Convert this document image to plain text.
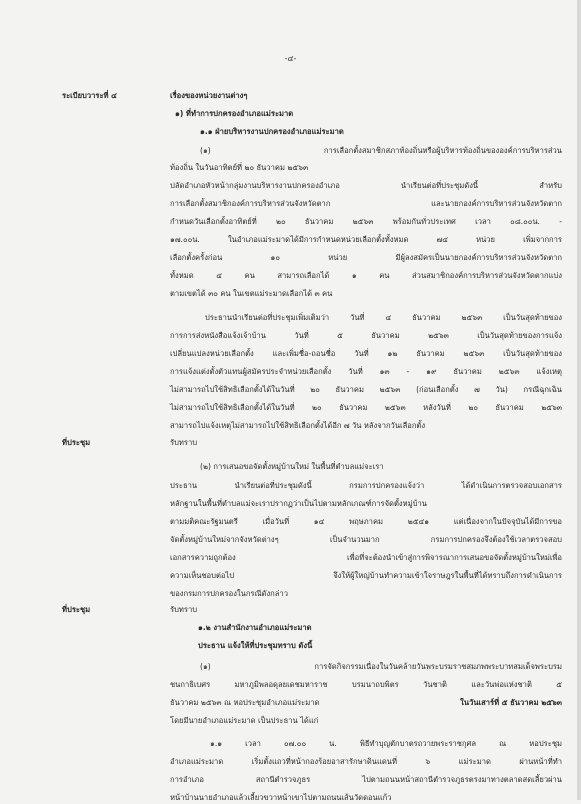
-๔-
ระเบียบวาระที่ ๔	เรื่องของหน่วยงานต่างๆ
๑) ที่ทำการปกครองอำเภอแม่ระมาด
๑.๑ ฝ่ายบริหารงานปกครองอำเภอแม่ระมาด
(๑) การเลือกตั้งสมาชิกสภาท้องถิ่นหรือผู้บริหารท้องถิ่นขององค์การบริหารส่วน
ท้องถิ่น ในวันอาทิตย์ที่ ๒๐ ธันวาคม ๒๕๖๓
ปลัดอำเภอหัวหน้ากลุ่มงานบริหารงานปกครองอำเภอ นำเรียนต่อที่ประชุมดังนี้ สำหรับ
การเลือกตั้งสมาชิกองค์การบริหารส่วนจังหวัดตาก และนายกองค์การบริหารส่วนจังหวัดตาก
กำหนดวันเลือกตั้งอาทิตย์ที่ ๒๐ ธันวาคม ๒๕๖๓ พร้อมกันทั่วประเทศ เวลา ๐๘.๐๐น. -
๑๗.๐๐น. ในอำเภอแม่ระมาดได้มีการกำหนดหน่วยเลือกตั้งทั้งหมด ๗๔ หน่วย เพิ่มจากการ
เลือกตั้งครั้งก่อน ๑๐ หน่วย มีผู้ลงสมัครเป็นนายกองค์การบริหารส่วนจังหวัดตาก
ทั้งหมด ๔ คน สามารถเลือกได้ ๑ คน ส่วนสมาชิกองค์การบริหารส่วนจังหวัดตากแบ่ง
ตามเขตได้ ๓๐ คน ในเขตแม่ระมาดเลือกได้ ๓ คน
ประธานนำเรียนต่อที่ประชุมเพิ่มเติมว่า วันที่ ๔ ธันวาคม ๒๕๖๓ เป็นวันสุดท้ายของ
การการส่งหนังสือแจ้งเจ้าบ้าน วันที่ ๕ ธันวาคม ๒๕๖๓ เป็นวันสุดท้ายของการแจ้ง
เปลี่ยนแปลงหน่วยเลือกตั้ง และเพิ่มชื่อ-ถอนชื่อ วันที่ ๑๒ ธันวาคม ๒๕๖๓ เป็นวันสุดท้ายของ
การแจ้งแต่งตั้งตัวแทนผู้สมัครประจำหน่วยเลือกตั้ง วันที่ ๑๓ - ๑๙ ธันวาคม ๒๕๖๓ แจ้งเหตุ
ไม่สามารถไปใช้สิทธิเลือกตั้งได้ในวันที่ ๒๐ ธันวาคม ๒๕๖๓ (ก่อนเลือกตั้ง ๗ วัน) กรณีฉุกเฉิน
ไม่สามารถไปใช้สิทธิเลือกตั้งได้ในวันที่ ๒๐ ธันวาคม ๒๕๖๓ หลังวันที่ ๒๐ ธันวาคม ๒๕๖๓
สามารถไปแจ้งเหตุไม่สามารถไปใช้สิทธิเลือกตั้งได้อีก ๗ วัน หลังจากวันเลือกตั้ง
ที่ประชุม	รับทราบ
(๒) การเสนอขอจัดตั้งหมู่บ้านใหม่ ในพื้นที่ตำบลแม่จะเรา
ประธาน นำเรียนต่อที่ประชุมดังนี้ กรมการปกครองแจ้งว่า ได้ดำเนินการตรวจสอบเอกสาร
หลักฐานในพื้นที่ตำบลแม่จะเราปรากฏว่าเป็นไปตามหลักเกณฑ์การจัดตั้งหมู่บ้าน
ตามมติคณะรัฐมนตรี เมื่อวันที่ ๑๔ พฤษภาคม ๒๕๔๑ แต่เนื่องจากในปัจจุบันได้มีการขอ
จัดตั้งหมู่บ้านใหม่จากจังหวัดต่างๆ เป็นจำนวนมาก กรมการปกครองจึงต้องใช้เวลาตรวจสอบ
เอกสารความถูกต้อง เพื่อที่จะต้องนำเข้าสู่การพิจารณาการเสนอขอจัดตั้งหมู่บ้านใหม่เพื่อ
ความเห็นชอบต่อไป จึงให้ผู้ใหญ่บ้านทำความเข้าใจราษฎรในพื้นที่ได้ทราบถึงการดำเนินการ
ของกรมการปกครองในกรณีดังกล่าว
ที่ประชุม	รับทราบ
๑.๒ งานสำนักงานอำเภอแม่ระมาด
ประธาน แจ้งให้ที่ประชุมทราบ ดังนี้
(๑) การจัดกิจกรรมเนื่องในวันคล้ายวันพระบรมราชสมภพพระบาทสมเด็จพระบรม
ชนกาธิเบศร มหาภูมิพลอดุลยเดชมหาราช บรมนาถบพิตร วันชาติ และวันพ่อแห่งชาติ ๕
ธันวาคม ๒๕๖๓ ณ หอประชุมอำเภอแม่ระมาด	ในวันเสาร์ที่ ๕ ธันวาคม ๒๕๖๓
โดยมีนายอำเภอแม่ระมาด เป็นประธาน ได้แก่
๑.๑ เวลา ๐๗.๐๐ น. พิธีทำบุญตักบาตรถวายพระราชกุศล ณ หอประชุม
อำเภอแม่ระมาด เริ่มตั้งแถวที่หน้ากองร้อยอาสารักษาดินแดนที่ ๖ แม่ระมาด ผ่านหน้าที่ทำ
การอำเภอ สถานีตำรวจภูธร ไปตามถนนหน้าสถานีตำรวจภูธรตรงมาทางตลาดสดเลี้ยวผ่าน
หน้าบ้านนายอำเภอแล้วเลี้ยวขวาหน้าเขาไปตามถนนเส้นวัดดอนแก้ว
